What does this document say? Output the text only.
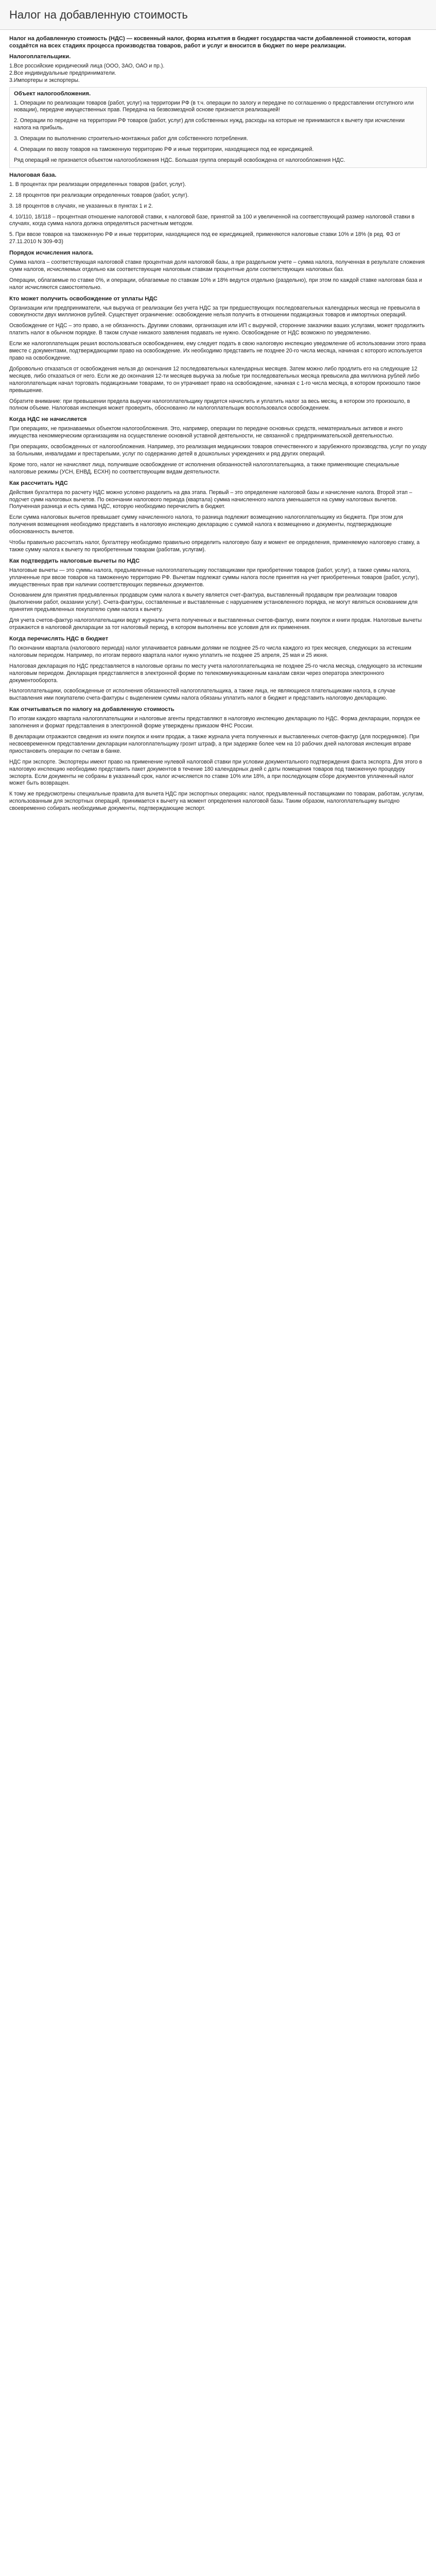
Налог на добавленную стоимость

Налог на добавленную стоимость (НДС) — косвенный налог, форма изъятия в бюджет государства части добавленной стоимости, которая создаётся на всех стадиях процесса производства товаров, работ и услуг и вносится в бюджет по мере реализации.

Налогоплательщики.

1.Все российские юридический лица (ООО, ЗАО, ОАО и пр.).

2.Все индивидуальные предприниматели.

3.Импортеры и экспортеры.

Объект налогообложения.

1. Операции по реализации товаров (работ, услуг) на территории РФ (в т.ч. операции по залогу и передаче по соглашению о предоставлении отступного или новации), передаче имущественных прав. Передача на безвозмездной основе признается реализацией!

2. Операции по передаче на территории РФ товаров (работ, услуг) для собственных нужд, расходы на которые не принимаются к вычету при исчислении налога на прибыль.

3. Операции по выполнению строительно-монтажных работ для собственного потребления.

4. Операции по ввозу товаров на таможенную территорию РФ и иные территории, находящиеся под ее юрисдикцией.

Ряд операций не признается объектом налогообложения НДС. Большая группа операций освобождена от налогообложения НДС.

Налоговая база.

1. В процентах при реализации определенных товаров (работ, услуг).

2. 18 процентов при реализации определенных товаров (работ, услуг).

3. 18 процентов в случаях, не указанных в пунктах 1 и 2.

4. 10/110, 18/118 – процентная отношение налоговой ставки, к налоговой базе, принятой за 100 и увеличенной на соответствующий размер налоговой ставки в случаях, когда сумма налога должна определяться расчетным методом.

5. При ввозе товаров на таможенную РФ и иные территории, находящиеся под ее юрисдикцией, применяются налоговые ставки 10% и 18% (в ред. ФЗ от 27.11.2010 N 309-ФЗ)

Порядок исчисления налога.

Сумма налога – соответствующая налоговой ставке процентная доля налоговой базы, а при раздельном учете – сумма налога, полученная в результате сложения сумм налогов, исчисляемых отдельно как соответствующие налоговым ставкам процентные доли соответствующих налоговых баз.

Операции, облагаемые по ставке 0%, и операции, облагаемые по ставкам 10% и 18% ведутся отдельно (раздельно), при этом по каждой ставке налоговая база и налог исчисляются самостоятельно.

Кто может получить освобождение от уплаты НДС

Организации или предприниматели, чья выручка от реализации без учета НДС за три предшествующих последовательных календарных месяца не превысила в совокупности двух миллионов рублей. Существует ограничение: освобождение нельзя получить в отношении подакцизных товаров и импортных операций.

Освобождение от НДС – это право, а не обязанность. Другими словами, организация или ИП с выручкой, сторонние заказчики ваших услугами, может продолжить платить налог в обычном порядке. В таком случае никакого заявления подавать не нужно. Освобождение от НДС возможно по уведомлению.

Если же налогоплательщик решил воспользоваться освобождением, ему следует подать в свою налоговую инспекцию уведомление об использовании этого права вместе с документами, подтверждающими право на освобождение. Их необходимо представить не позднее 20-го числа месяца, начиная с которого используется право на освобождение.

Добровольно отказаться от освобождения нельзя до окончания 12 последовательных календарных месяцев. Затем можно либо продлить его на следующие 12 месяцев, либо отказаться от него. Если же до окончания 12-ти месяцев выручка за любые три последовательных месяца превысила два миллиона рублей либо налогоплательщик начал торговать подакцизными товарами, то он утрачивает право на освобождение, начиная с 1-го числа месяца, в котором произошло такое превышение.

Обратите внимание: при превышении предела выручки налогоплательщику придется начислить и уплатить налог за весь месяц, в котором это произошло, в полном объеме. Налоговая инспекция может проверить, обоснованно ли налогоплательщик воспользовался освобождением.

Когда НДС не начисляется

При операциях, не признаваемых объектом налогообложения. Это, например, операции по передаче основных средств, нематериальных активов и иного имущества некоммерческим организациям на осуществление основной уставной деятельности, не связанной с предпринимательской деятельностью.

При операциях, освобожденных от налогообложения. Например, это реализация медицинских товаров отечественного и зарубежного производства, услуг по уходу за больными, инвалидами и престарелыми, услуг по содержанию детей в дошкольных учреждениях и ряд других операций.

Кроме того, налог не начисляют лица, получившие освобождение от исполнения обязанностей налогоплательщика, а также применяющие специальные налоговые режимы (УСН, ЕНВД, ЕСХН) по соответствующим видам деятельности.

Как рассчитать НДС

Действия бухгалтера по расчету НДС можно условно разделить на два этапа. Первый – это определение налоговой базы и начисление налога. Второй этап – подсчет сумм налоговых вычетов. По окончании налогового периода (квартала) сумма начисленного налога уменьшается на сумму налоговых вычетов. Полученная разница и есть сумма НДС, которую необходимо перечислить в бюджет.

Если сумма налоговых вычетов превышает сумму начисленного налога, то разница подлежит возмещению налогоплательщику из бюджета. При этом для получения возмещения необходимо представить в налоговую инспекцию декларацию с суммой налога к возмещению и документы, подтверждающие обоснованность вычетов.

Чтобы правильно рассчитать налог, бухгалтеру необходимо правильно определить налоговую базу и момент ее определения, применяемую налоговую ставку, а также сумму налога к вычету по приобретенным товарам (работам, услугам).

Как подтвердить налоговые вычеты по НДС

Налоговые вычеты — это суммы налога, предъявленные налогоплательщику поставщиками при приобретении товаров (работ, услуг), а также суммы налога, уплаченные при ввозе товаров на таможенную территорию РФ. Вычетам подлежат суммы налога после принятия на учет приобретенных товаров (работ, услуг), имущественных прав при наличии соответствующих первичных документов.

Основанием для принятия предъявленных продавцом сумм налога к вычету является счет-фактура, выставленный продавцом при реализации товаров (выполнении работ, оказании услуг). Счета-фактуры, составленные и выставленные с нарушением установленного порядка, не могут являться основанием для принятия предъявленных покупателю сумм налога к вычету.

Для учета счетов-фактур налогоплательщики ведут журналы учета полученных и выставленных счетов-фактур, книги покупок и книги продаж. Налоговые вычеты отражаются в налоговой декларации за тот налоговый период, в котором выполнены все условия для их применения.

Когда перечислять НДС в бюджет

По окончании квартала (налогового периода) налог уплачивается равными долями не позднее 25-го числа каждого из трех месяцев, следующих за истекшим налоговым периодом. Например, по итогам первого квартала налог нужно уплатить не позднее 25 апреля, 25 мая и 25 июня.

Налоговая декларация по НДС представляется в налоговые органы по месту учета налогоплательщика не позднее 25-го числа месяца, следующего за истекшим налоговым периодом. Декларация представляется в электронной форме по телекоммуникационным каналам связи через оператора электронного документооборота.

Налогоплательщики, освобожденные от исполнения обязанностей налогоплательщика, а также лица, не являющиеся плательщиками налога, в случае выставления ими покупателю счета-фактуры с выделением суммы налога обязаны уплатить налог в бюджет и представить налоговую декларацию.

Как отчитываться по налогу на добавленную стоимость

По итогам каждого квартала налогоплательщики и налоговые агенты представляют в налоговую инспекцию декларацию по НДС. Форма декларации, порядок ее заполнения и формат представления в электронной форме утверждены приказом ФНС России.

В декларации отражаются сведения из книги покупок и книги продаж, а также журнала учета полученных и выставленных счетов-фактур (для посредников). При несвоевременном представлении декларации налогоплательщику грозит штраф, а при задержке более чем на 10 рабочих дней налоговая инспекция вправе приостановить операции по счетам в банке.

НДС при экспорте. Экспортеры имеют право на применение нулевой налоговой ставки при условии документального подтверждения факта экспорта. Для этого в налоговую инспекцию необходимо представить пакет документов в течение 180 календарных дней с даты помещения товаров под таможенную процедуру экспорта. Если документы не собраны в указанный срок, налог исчисляется по ставке 10% или 18%, а при последующем сборе документов уплаченный налог может быть возвращен.

К тому же предусмотрены специальные правила для вычета НДС при экспортных операциях: налог, предъявленный поставщиками по товарам, работам, услугам, использованным для экспортных операций, принимается к вычету на момент определения налоговой базы. Таким образом, налогоплательщику выгодно своевременно собирать необходимые документы, подтверждающие экспорт.
